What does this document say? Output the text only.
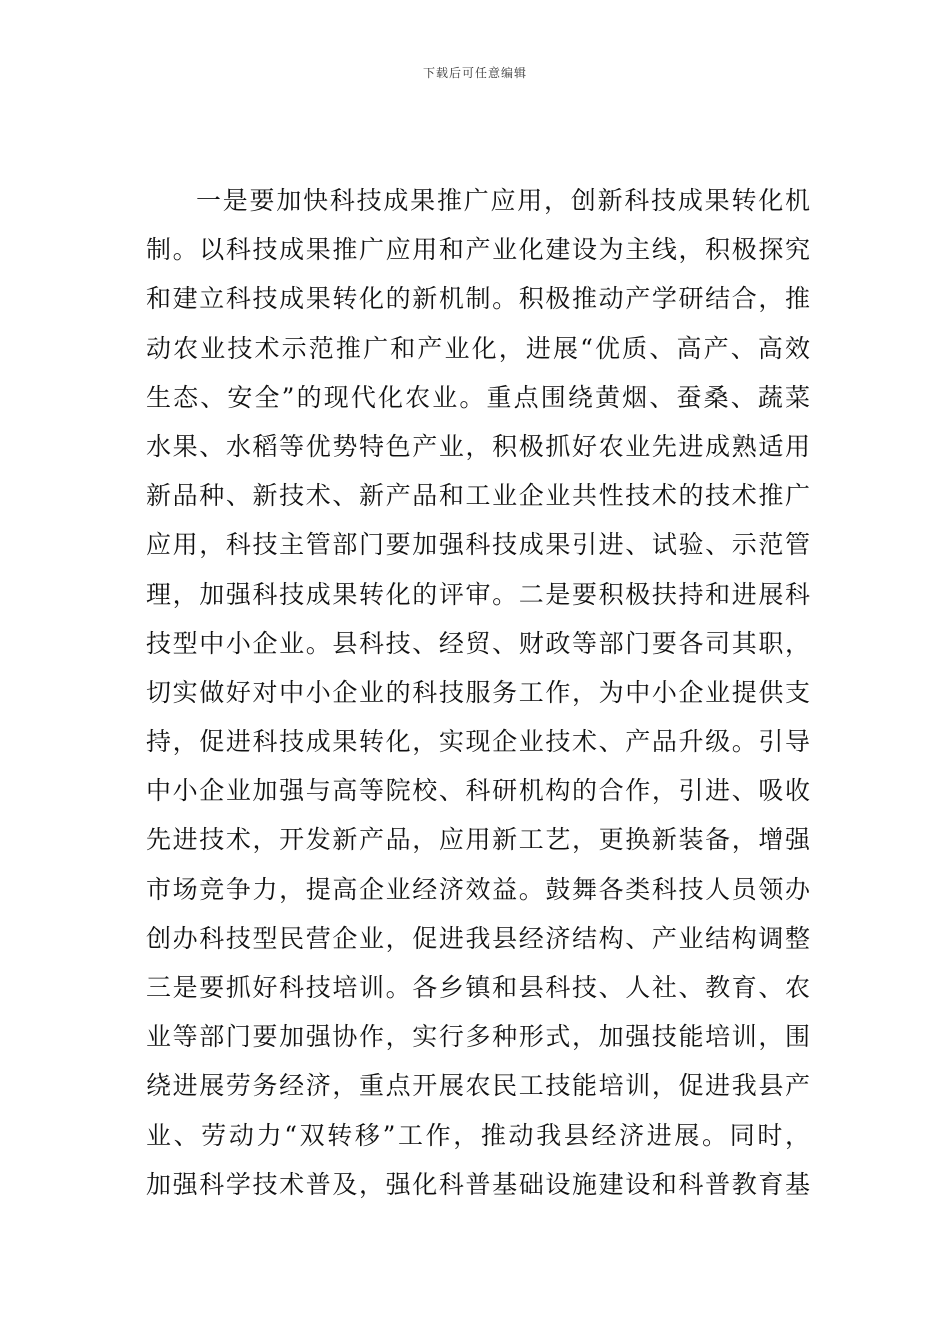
下载后可任意编辑
一是要加快科技成果推广应用，创新科技成果转化机
制。以科技成果推广应用和产业化建设为主线，积极探究
和建立科技成果转化的新机制。积极推动产学研结合，推
动农业技术示范推广和产业化，进展“优质、高产、高效
生态、安全”的现代化农业。重点围绕黄烟、蚕桑、蔬菜
水果、水稻等优势特色产业，积极抓好农业先进成熟适用
新品种、新技术、新产品和工业企业共性技术的技术推广
应用，科技主管部门要加强科技成果引进、试验、示范管
理，加强科技成果转化的评审。二是要积极扶持和进展科
技型中小企业。县科技、经贸、财政等部门要各司其职，
切实做好对中小企业的科技服务工作，为中小企业提供支
持，促进科技成果转化，实现企业技术、产品升级。引导
中小企业加强与高等院校、科研机构的合作，引进、吸收
先进技术，开发新产品，应用新工艺，更换新装备，增强
市场竞争力，提高企业经济效益。鼓舞各类科技人员领办
创办科技型民营企业，促进我县经济结构、产业结构调整
三是要抓好科技培训。各乡镇和县科技、人社、教育、农
业等部门要加强协作，实行多种形式，加强技能培训，围
绕进展劳务经济，重点开展农民工技能培训，促进我县产
业、劳动力“双转移”工作，推动我县经济进展。同时，
加强科学技术普及，强化科普基础设施建设和科普教育基
